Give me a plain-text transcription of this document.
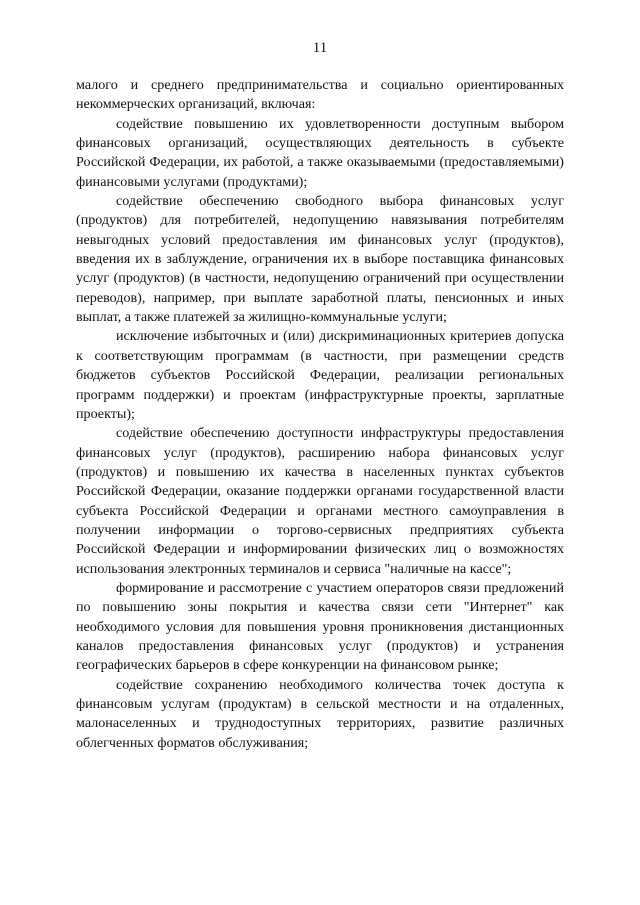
11

малого и среднего предпринимательства и социально ориентированных некоммерческих организаций, включая:

содействие повышению их удовлетворенности доступным выбором финансовых организаций, осуществляющих деятельность в субъекте Российской Федерации, их работой, а также оказываемыми (предоставляемыми) финансовыми услугами (продуктами);

содействие обеспечению свободного выбора финансовых услуг (продуктов) для потребителей, недопущению навязывания потребителям невыгодных условий предоставления им финансовых услуг (продуктов), введения их в заблуждение, ограничения их в выборе поставщика финансовых услуг (продуктов) (в частности, недопущению ограничений при осуществлении переводов), например, при выплате заработной платы, пенсионных и иных выплат, а также платежей за жилищно-коммунальные услуги;

исключение избыточных и (или) дискриминационных критериев допуска к соответствующим программам (в частности, при размещении средств бюджетов субъектов Российской Федерации, реализации региональных программ поддержки) и проектам (инфраструктурные проекты, зарплатные проекты);

содействие обеспечению доступности инфраструктуры предоставления финансовых услуг (продуктов), расширению набора финансовых услуг (продуктов) и повышению их качества в населенных пунктах субъектов Российской Федерации, оказание поддержки органами государственной власти субъекта Российской Федерации и органами местного самоуправления в получении информации о торгово-сервисных предприятиях субъекта Российской Федерации и информировании физических лиц о возможностях использования электронных терминалов и сервиса "наличные на кассе";

формирование и рассмотрение с участием операторов связи предложений по повышению зоны покрытия и качества связи сети "Интернет" как необходимого условия для повышения уровня проникновения дистанционных каналов предоставления финансовых услуг (продуктов) и устранения географических барьеров в сфере конкуренции на финансовом рынке;

содействие сохранению необходимого количества точек доступа к финансовым услугам (продуктам) в сельской местности и на отдаленных, малонаселенных и труднодоступных территориях, развитие различных облегченных форматов обслуживания;
